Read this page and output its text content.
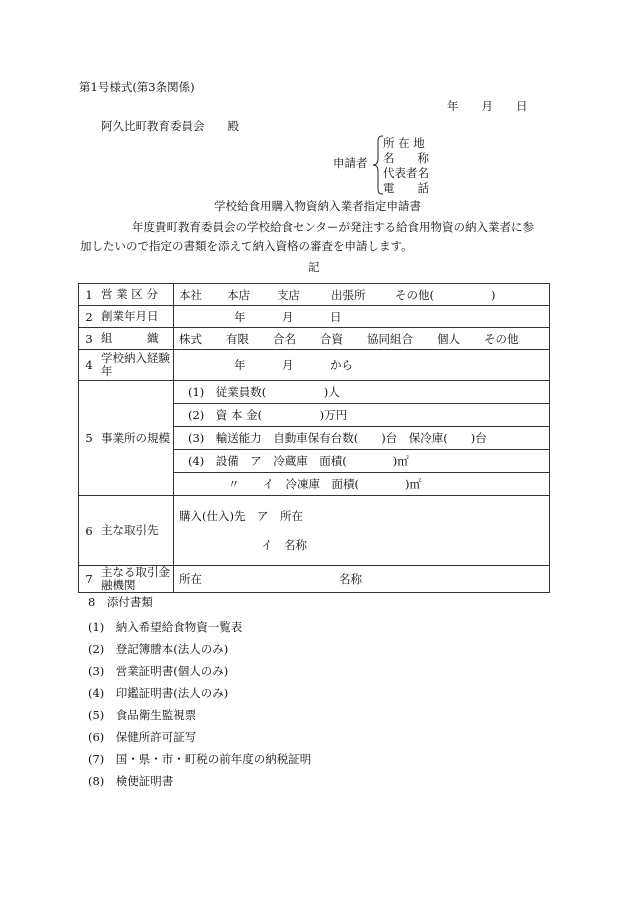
第1号様式(第3条関係)
年　　月　　日
阿久比町教育委員会　　殿
申請者
所 在 地
名　　称
代表者名
電　　話
学校給食用購入物資納入業者指定申請書
年度貴町教育委員会の学校給食センターが発注する給食用物資の納入業者に参
加したいので指定の書類を添えて納入資格の審査を申請します。
記
1	営 業 区 分	本社 本店 支店 出張所 その他( )
2	創業年月日	年 月 日
3	組　　　織	株式 有限 合名 合資 協同組合 個人 その他
4	学校納入経験年	年 月 から
5	事業所の規模	(1)　従業員数(　　　　　)人
		(2)　資 本 金(　　　　　)万円
		(3)　輸送能力　自動車保有台数(　　)台　保冷庫(　　)台
		(4)　設備　ア　冷蔵庫　面積(　　　　)㎡
		〃　　イ　冷凍庫　面積(　　　　)㎡
6	主な取引先	購入(仕入)先　ア　所在
イ　名称

7	主なる取引金融機関	所在 名称
8　添付書類
(1)　納入希望給食物資一覧表
(2)　登記簿謄本(法人のみ)
(3)　営業証明書(個人のみ)
(4)　印鑑証明書(法人のみ)
(5)　食品衛生監視票
(6)　保健所許可証写
(7)　国・県・市・町税の前年度の納税証明
(8)　検便証明書
